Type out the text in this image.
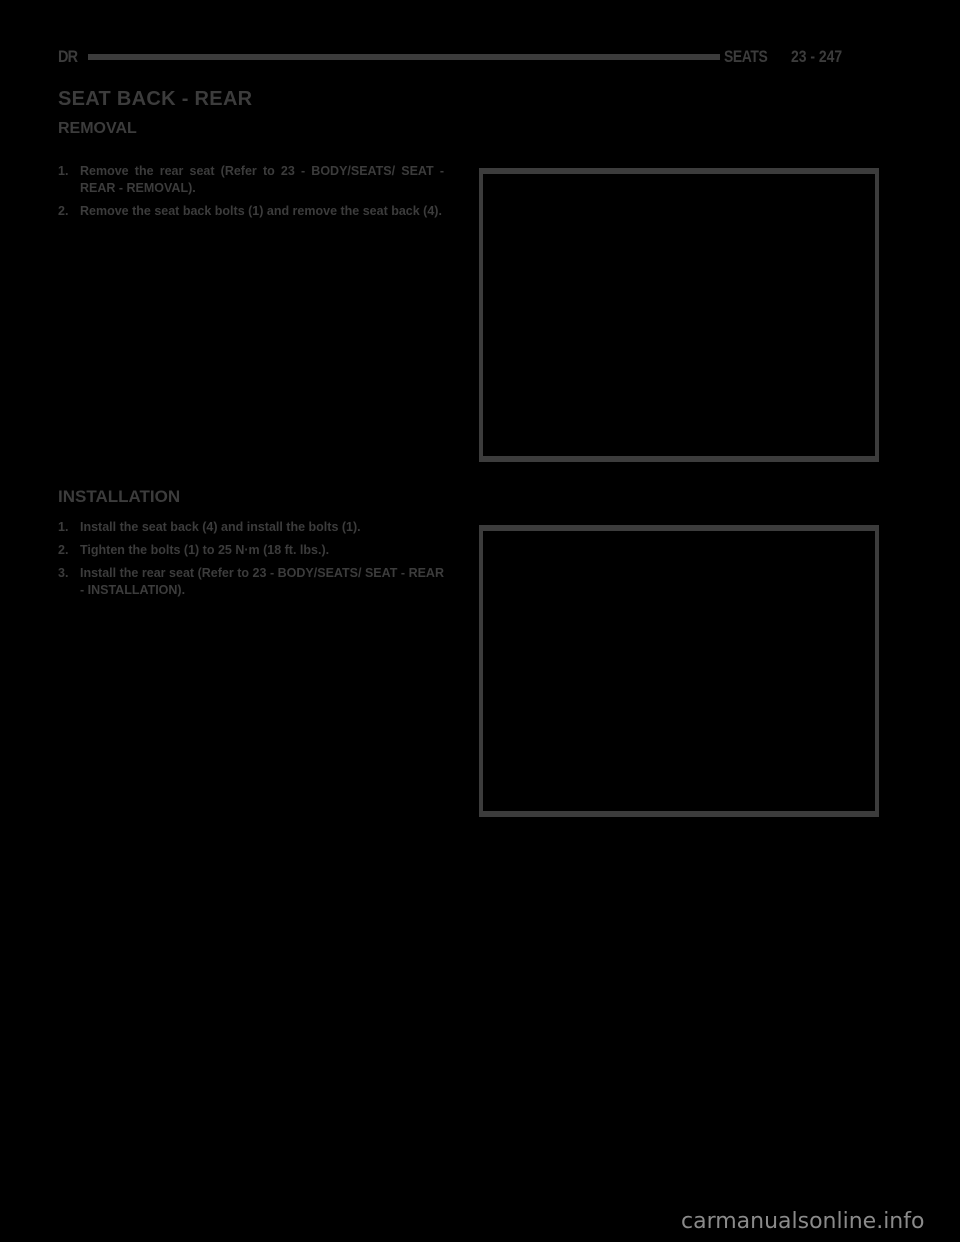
DR	SEATS 23 - 247
SEAT BACK - REAR
REMOVAL
1. Remove the rear seat (Refer to 23 - BODY/SEATS/ SEAT - REAR - REMOVAL).
2. Remove the seat back bolts (1) and remove the seat back (4).
INSTALLATION
1. Install the seat back (4) and install the bolts (1).
2. Tighten the bolts (1) to 25 N·m (18 ft. lbs.).
3. Install the rear seat (Refer to 23 - BODY/SEATS/ SEAT - REAR - INSTALLATION).
carmanualsonline.info
